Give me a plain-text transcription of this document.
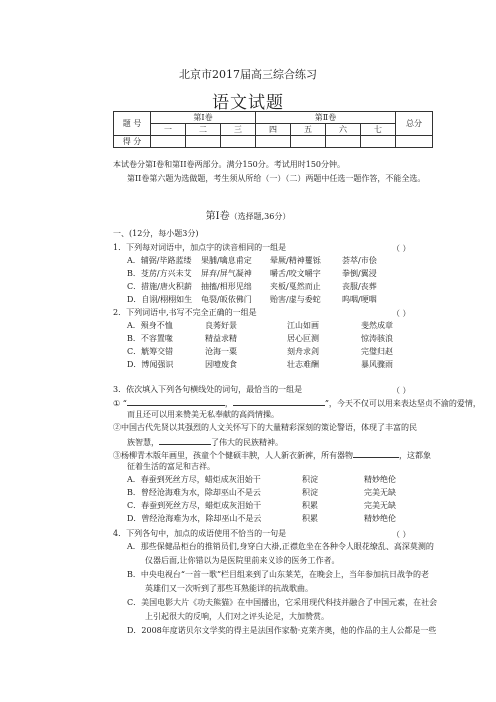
北京市2017届高三综合练习
语文试题
题 号	第Ⅰ卷			第Ⅱ卷				总分
	一	二	三	四	五	六	七	
得 分								
本试卷分第Ⅰ卷和第II卷两部分。满分150分。考试用时150分钟。
第II卷第六题为选做题，考生须从所给（一）（二）两题中任选一题作答，不能全选。
第Ⅰ卷（选择题,36分）
一、(12分，每小题3分)
1．下列每对词语中，加点字的读音相同的一组是	（ ）
A．辅弼/毕路蓝缕 果脯/噙息甫定 晕厥/精神矍铄	荟萃/市侩
B．芟苈/方兴未艾 屏弃/屏气凝神 嚼舌/咬文嚼字	拳倒/翼浸
C．措施/唐火积薪 抽搐/相形见绌 夹板/戛然而止	丧服/丧葬
D．自诩/栩栩如生 龟裂/皈依佛门 贻害/虚与委蛇	呜咽/哽咽
2．下列词语中,书写不完全正确的一组是	（ ）
A．殒身不恤	良莠好景	江山如画	斐然成章
B．不容置喙	精益求精	居心叵测	惊涛骇浪
C．觥筹交错	沧海一粟	刻舟求剑	完璧归赵
D．博闻强识	因噎废食	壮志难酬	暴风骤雨
3．依次填入下列各句横线处的词句，最恰当的一组是	（ ）
① “	，	”，今天不仅可以用来表达坚贞不渝的爱情，
而且还可以用来赞美无私奉献的高尚情操。
②中国古代先贤以其强烈的人文关怀写下的大量精彩深刻的策论警语，体现了丰富的民
族智慧，	了伟大的民族精神。
③杨柳青木版年画里，孩童个个健硕丰腴，人人新衣新裤，所有器物	，这都象
征着生活的富足和吉祥。
A．春蚕到死丝方尽，蜡炬成灰泪始干	积淀	精妙绝伦
B．曾经沧海难为水，除却巫山不是云	积淀	完美无缺
C．春蚕到死丝方尽，蜡炬成灰泪始干	积累	完美无缺
D．曾经沧海难为水，除却巫山不是云	积累	精妙绝伦
4．下列各句中，加点的成语使用不恰当的一句是	（ ）
A．那些保健品柜台的推销员们,身穿白大褂,正襟危坐在各种令人眼花缭乱、高深莫测的
仪器后面,让你错以为是医院里前来义诊的医务工作者。
B．中央电视台“一首一歌”栏目组来到了山东莱芜，在晚会上，当年参加抗日战争的老
英雄们又一次听到了那些耳熟能详的抗战歌曲。
C．美国电影大片《功夫熊猫》在中国播出，它采用现代科技并融合了中国元素，在社会
上引起很大的反响，人们对之评头论足，大加赞赏。
D．2008年度诺贝尔文学奖的得主是法国作家勒·克莱齐奥，他的作品的主人公都是一些
